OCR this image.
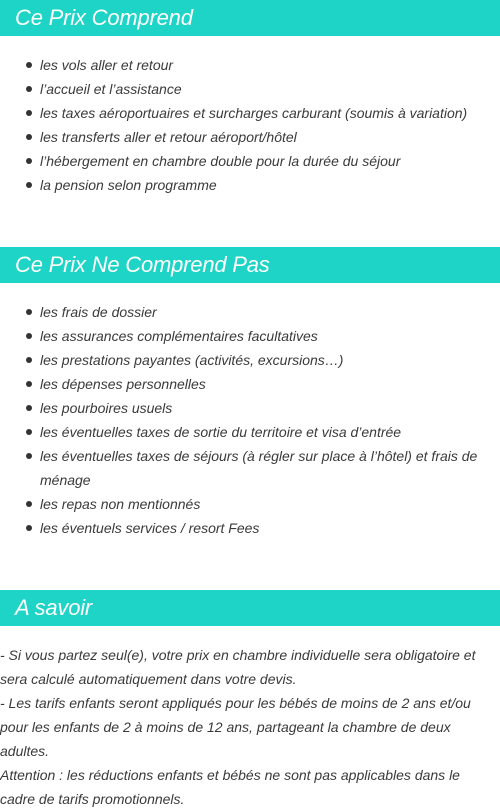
Ce Prix Comprend
les vols aller et retour
l’accueil et l’assistance
les taxes aéroportuaires et surcharges carburant (soumis à variation)
les transferts aller et retour aéroport/hôtel
l’hébergement en chambre double pour la durée du séjour
la pension selon programme
Ce Prix Ne Comprend Pas
les frais de dossier
les assurances complémentaires facultatives
les prestations payantes (activités, excursions…)
les dépenses personnelles
les pourboires usuels
les éventuelles taxes de sortie du territoire et visa d’entrée
les éventuelles taxes de séjours (à régler sur place à l’hôtel) et frais de ménage
les repas non mentionnés
les éventuels services / resort Fees
A savoir

- Si vous partez seul(e), votre prix en chambre individuelle sera obligatoire et sera calculé automatiquement dans votre devis.

- Les tarifs enfants seront appliqués pour les bébés de moins de 2 ans et/ou pour les enfants de 2 à moins de 12 ans, partageant la chambre de deux adultes.

Attention : les réductions enfants et bébés ne sont pas applicables dans le cadre de tarifs promotionnels.
